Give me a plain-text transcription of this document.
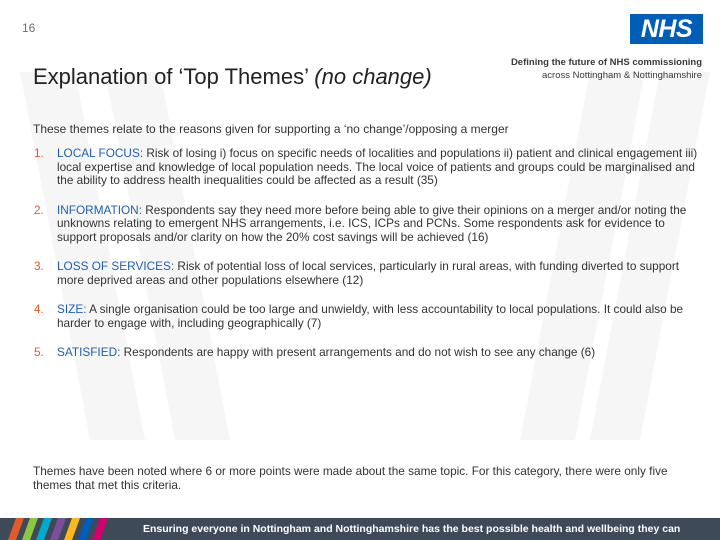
16	NHS
Defining the future of NHS commissioning across Nottingham & Nottinghamshire
Explanation of ‘Top Themes’ (no change)
These themes relate to the reasons given for supporting a ‘no change’/opposing a merger
1. LOCAL FOCUS: Risk of losing i) focus on specific needs of localities and populations ii) patient and clinical engagement iii) local expertise and knowledge of local population needs. The local voice of patients and groups could be marginalised and the ability to address health inequalities could be affected as a result (35)
2. INFORMATION: Respondents say they need more before being able to give their opinions on a merger and/or noting the unknowns relating to emergent NHS arrangements, i.e. ICS, ICPs and PCNs. Some respondents ask for evidence to support proposals and/or clarity on how the 20% cost savings will be achieved (16)
3. LOSS OF SERVICES: Risk of potential loss of local services, particularly in rural areas, with funding diverted to support more deprived areas and other populations elsewhere (12)
4. SIZE: A single organisation could be too large and unwieldy, with less accountability to local populations. It could also be harder to engage with, including geographically (7)
5. SATISFIED: Respondents are happy with present arrangements and do not wish to see any change (6)
Themes have been noted where 6 or more points were made about the same topic. For this category, there were only five themes that met this criteria.
Ensuring everyone in Nottingham and Nottinghamshire has the best possible health and wellbeing they can
